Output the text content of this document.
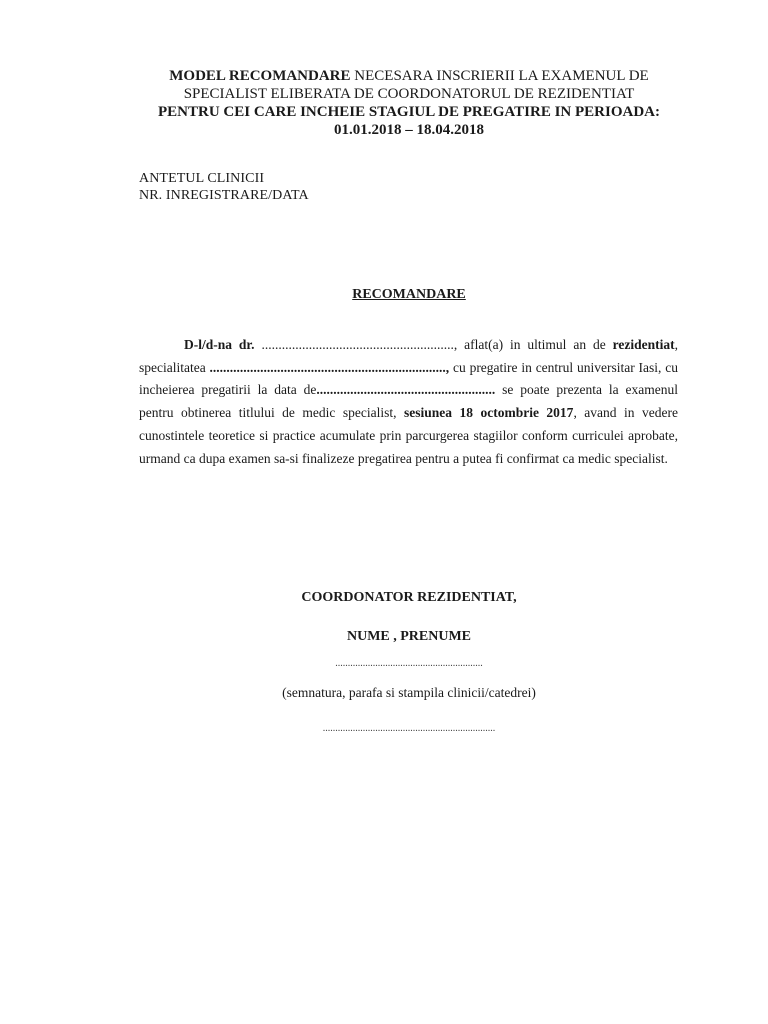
MODEL RECOMANDARE NECESARA INSCRIERII LA EXAMENUL DE
SPECIALIST ELIBERATA DE COORDONATORUL DE REZIDENTIAT
PENTRU CEI CARE INCHEIE STAGIUL DE PREGATIRE IN PERIOADA:
01.01.2018 – 18.04.2018
ANTETUL CLINICII
NR. INREGISTRARE/DATA
RECOMANDARE
D-l/d-na dr. ........................................................., aflat(a) in ultimul an de rezidentiat, specialitatea ......................................................................, cu pregatire in centrul universitar Iasi, cu incheierea pregatirii la data de..................................................... se poate prezenta la examenul pentru obtinerea titlului de medic specialist, sesiunea 18 octombrie 2017, avand in vedere cunostintele teoretice si practice acumulate prin parcurgerea stagiilor conform curriculei aprobate, urmand ca dupa examen sa-si finalizeze pregatirea pentru a putea fi confirmat ca medic specialist.
COORDONATOR REZIDENTIAT,
NUME , PRENUME
...........................................................
(semnatura, parafa si stampila clinicii/catedrei)
.....................................................................
